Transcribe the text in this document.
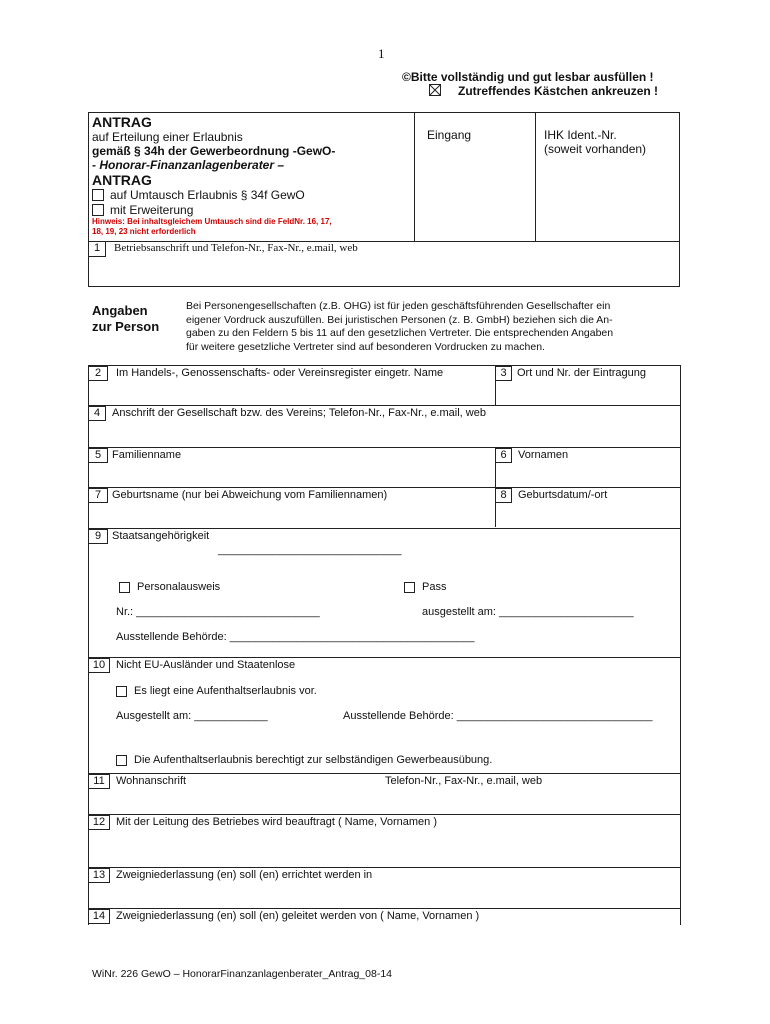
1
©Bitte vollständig und gut lesbar ausfüllen !
Zutreffendes Kästchen ankreuzen !
ANTRAG
auf Erteilung einer Erlaubnis
gemäß § 34h der Gewerbeordnung -GewO-
- Honorar-Finanzanlagenberater –
ANTRAG
auf Umtausch Erlaubnis § 34f GewO
mit Erweiterung
Hinweis: Bei inhaltsgleichem Umtausch sind die FeldNr. 16, 17,
18, 19, 23 nicht erforderlich
Eingang	IHK Ident.-Nr.
(soweit vorhanden)
1	Betriebsanschrift und Telefon-Nr., Fax-Nr., e.mail, web
Angaben
zur Person
Bei Personengesellschaften (z.B. OHG) ist für jeden geschäftsführenden Gesellschafter ein
eigener Vordruck auszufüllen. Bei juristischen Personen (z. B. GmbH) beziehen sich die An-
gaben zu den Feldern 5 bis 11 auf den gesetzlichen Vertreter. Die entsprechenden Angaben
für weitere gesetzliche Vertreter sind auf besonderen Vordrucken zu machen.
2	Im Handels-, Genossenschafts- oder Vereinsregister eingetr. Name	3 Ort und Nr. der Eintragung
4	Anschrift der Gesellschaft bzw. des Vereins; Telefon-Nr., Fax-Nr., e.mail, web
5 Familienname	6	Vornamen
7 Geburtsname (nur bei Abweichung vom Familiennamen)	8	Geburtsdatum/-ort
9 Staatsangehörigkeit
______________________________
Personalausweis	Pass
Nr.: ______________________________	ausgestellt am: ______________________
Ausstellende Behörde: ________________________________________
10 Nicht EU-Ausländer und Staatenlose
Es liegt eine Aufenthaltserlaubnis vor.
Ausgestellt am: ____________	Ausstellende Behörde: ________________________________
Die Aufenthaltserlaubnis berechtigt zur selbständigen Gewerbeausübung.
11	Wohnanschrift	Telefon-Nr., Fax-Nr., e.mail, web
12 Mit der Leitung des Betriebes wird beauftragt ( Name, Vornamen )
13 Zweigniederlassung (en) soll (en) errichtet werden in
14 Zweigniederlassung (en) soll (en) geleitet werden von ( Name, Vornamen )
WiNr. 226 GewO – HonorarFinanzanlagenberater_Antrag_08-14
